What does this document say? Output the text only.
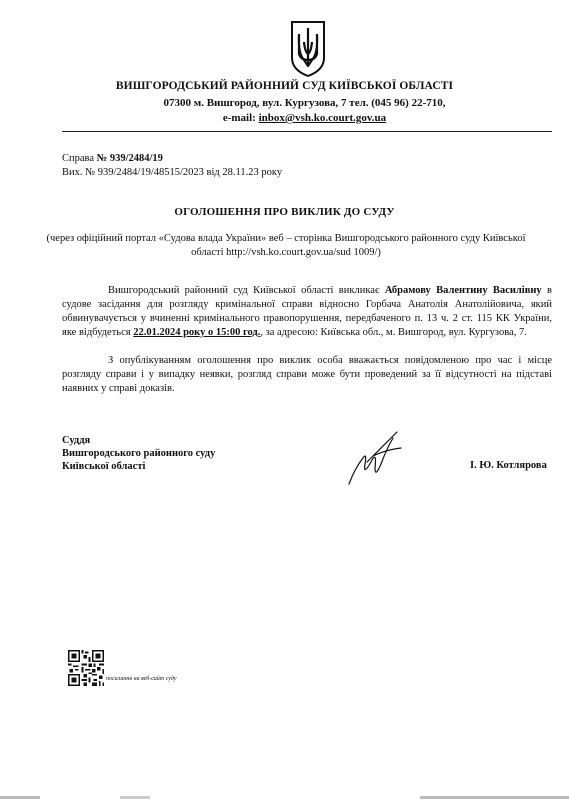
ВИШГОРОДСЬКИЙ РАЙОННИЙ СУД КИЇВСЬКОЇ ОБЛАСТІ
07300 м. Вишгород, вул. Кургузова, 7 тел. (045 96) 22-710,
e-mail: inbox@vsh.ko.court.gov.ua
Справа № 939/2484/19
Вих. № 939/2484/19/48515/2023 від 28.11.23 року
ОГОЛОШЕННЯ ПРО ВИКЛИК ДО СУДУ
(через офіційний портал «Судова влада України» веб – сторінка Вишгородського районного суду Київської області http://vsh.ko.court.gov.ua/sud 1009/)
Вишгородський районний суд Київської області викликає Абрамову Валентину Василівну в судове засідання для розгляду кримінальної справи відносно Горбача Анатолія Анатолійовича, який обвинувачується у вчиненні кримінального правопорушення, передбаченого п. 13 ч. 2 ст. 115 КК України, яке відбудеться 22.01.2024 року о 15:00 год., за адресою: Київська обл., м. Вишгород, вул. Кургузова, 7.
З опублікуванням оголошення про виклик особа вважається повідомленою про час і місце розгляду справи і у випадку неявки, розгляд справи може бути проведений за її відсутності на підставі наявних у справі доказів.
Суддя
Вишгородського районного суду
Київської області	І. Ю. Котлярова
посилання на веб-сайт суду
